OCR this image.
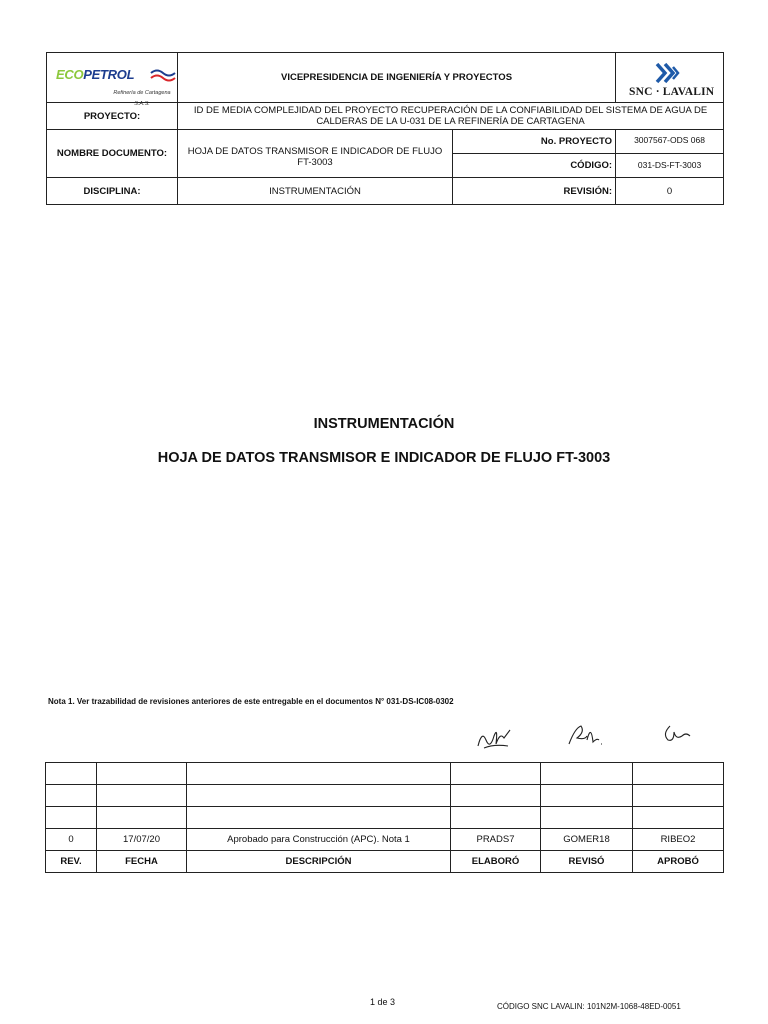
ECOPETROL
Refinería de Cartagena S.A.S.	VICEPRESIDENCIA DE INGENIERÍA Y PROYECTOS		SNC · LAVALIN

PROYECTO:	ID DE MEDIA COMPLEJIDAD DEL PROYECTO RECUPERACIÓN DE LA CONFIABILIDAD DEL SISTEMA DE AGUA DE CALDERAS DE LA U-031 DE LA REFINERÍA DE CARTAGENA		
NOMBRE DOCUMENTO:	HOJA DE DATOS TRANSMISOR E INDICADOR DE FLUJO FT-3003	No. PROYECTO	3007567-ODS 068
		CÓDIGO:	031-DS-FT-3003
DISCIPLINA:	INSTRUMENTACIÓN	REVISIÓN:	0
INSTRUMENTACIÓN
HOJA DE DATOS TRANSMISOR E INDICADOR DE FLUJO FT-3003
Nota 1. Ver trazabilidad de revisiones anteriores de este entregable en el documentos N° 031-DS-IC08-0302

0	17/07/20	Aprobado para Construcción (APC). Nota 1	PRADS7	GOMER18	RIBEO2
REV.	FECHA	DESCRIPCIÓN	ELABORÓ	REVISÓ	APROBÓ
1 de 3	CÓDIGO SNC LAVALIN: 101N2M-1068-48ED-0051
